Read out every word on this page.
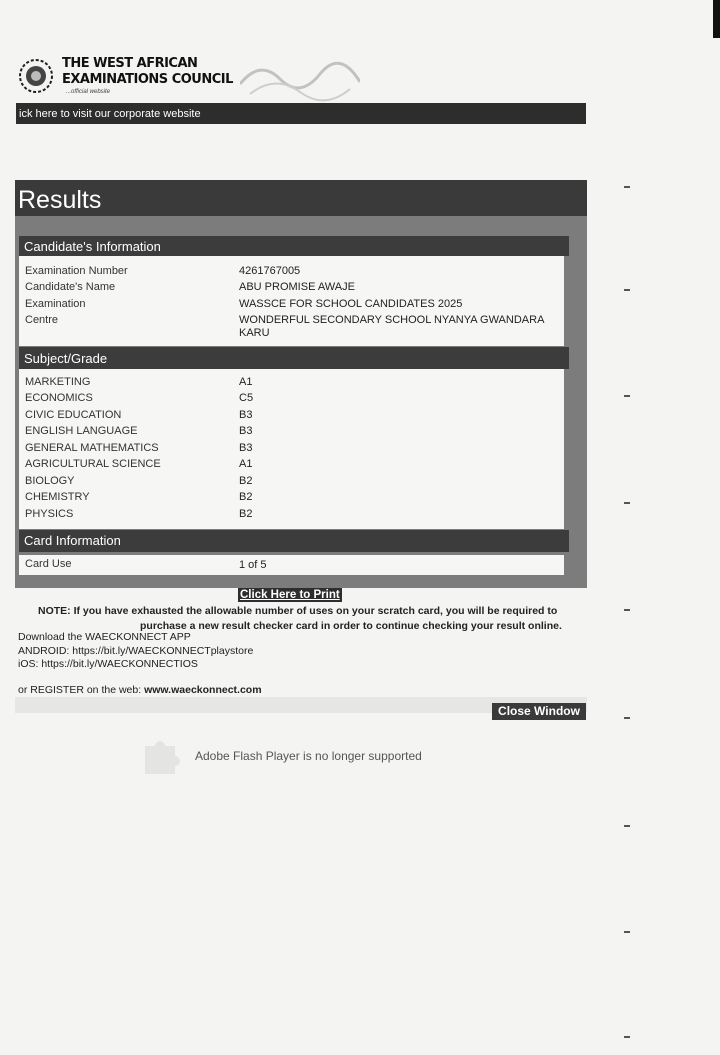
THE WEST AFRICAN
EXAMINATIONS COUNCIL
...official website
ick here to visit our corporate website
Results
Candidate's Information
Examination Number	4261767005
Candidate's Name	ABU PROMISE AWAJE
Examination	WASSCE FOR SCHOOL CANDIDATES 2025
Centre	WONDERFUL SECONDARY SCHOOL NYANYA GWANDARA KARU
Subject/Grade
MARKETING	A1
ECONOMICS	C5
CIVIC EDUCATION	B3
ENGLISH LANGUAGE	B3
GENERAL MATHEMATICS	B3
AGRICULTURAL SCIENCE	A1
BIOLOGY	B2
CHEMISTRY	B2
PHYSICS	B2
Card Information
Card Use	1 of 5
Click Here to Print
NOTE: If you have exhausted the allowable number of uses on your scratch card, you will be required to
purchase a new result checker card in order to continue checking your result online.
Download the WAECKONNECT APP
ANDROID: https://bit.ly/WAECKONNECTplaystore
iOS: https://bit.ly/WAECKONNECTIOS
or REGISTER on the web: www.waeckonnect.com
Close Window
Adobe Flash Player is no longer supported
